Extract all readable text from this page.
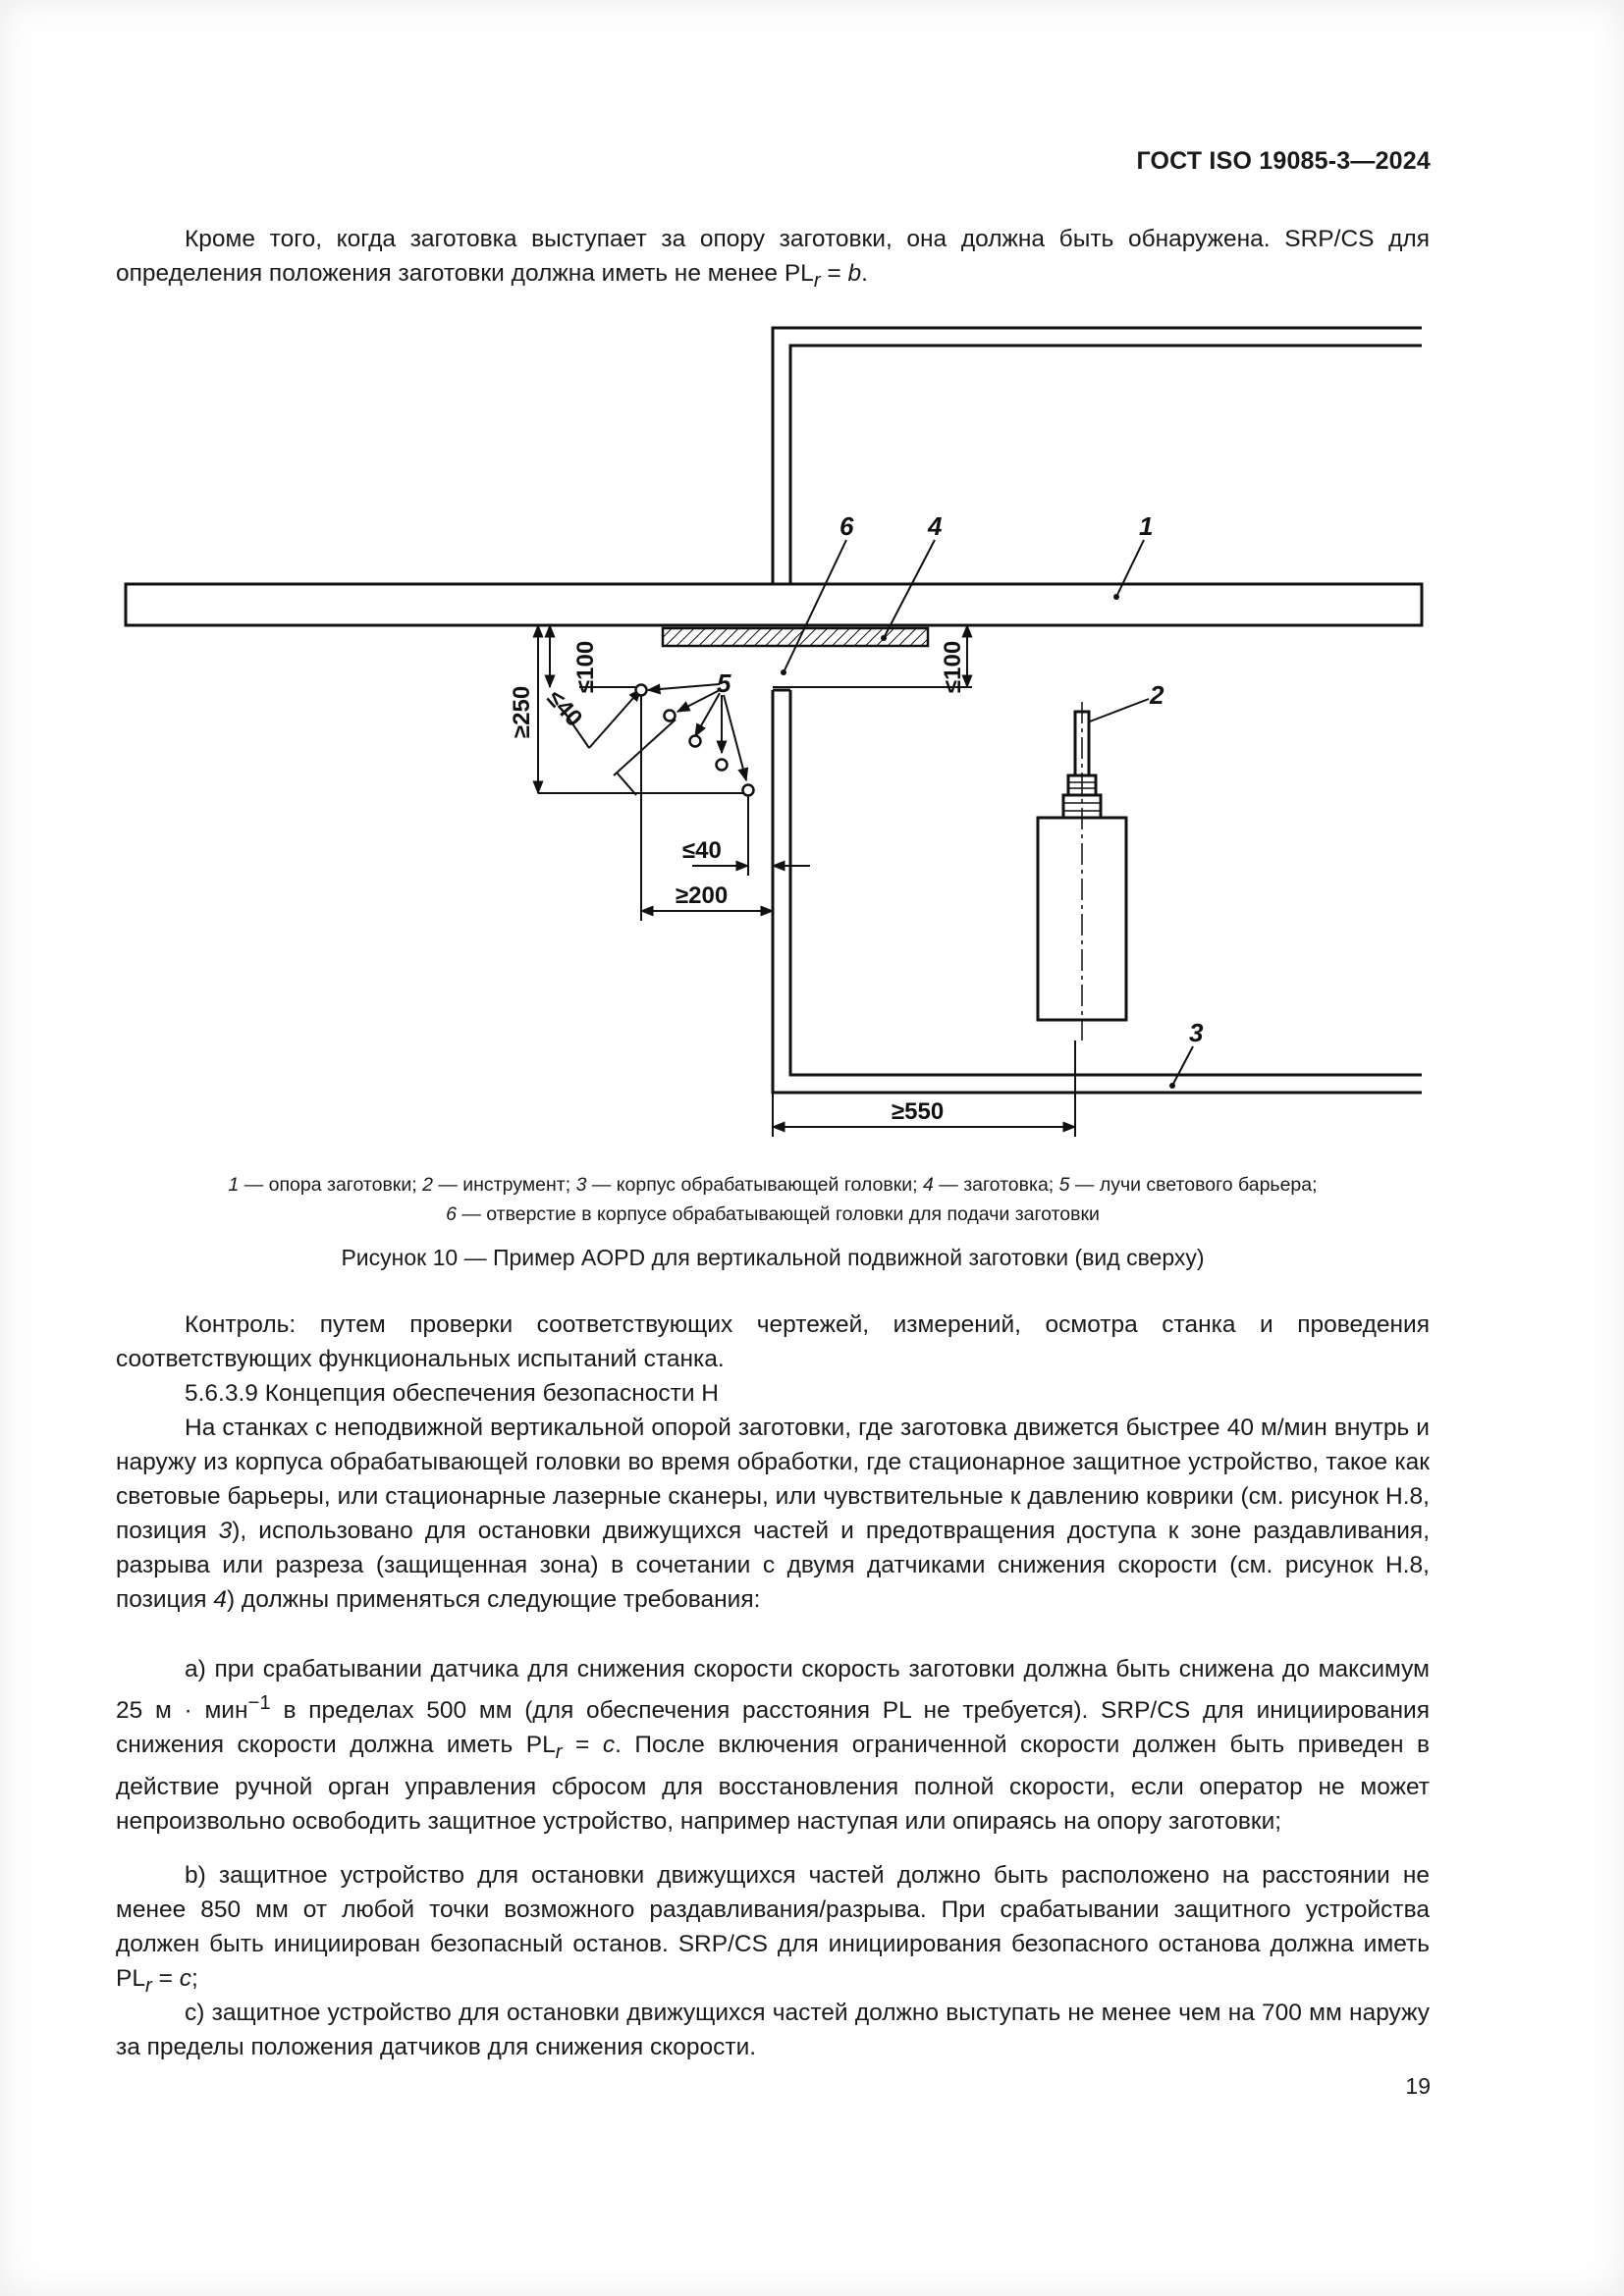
ГОСТ ISO 19085-3—2024
Кроме того, когда заготовка выступает за опору заготовки, она должна быть обнаружена. SRP/CS для определения положения заготовки должна иметь не менее $PL_r = b$.
6	4	1
2
5
3
≤100
≥250 ≤40
≤100
≤40
≥200
≥550
1 — опора заготовки; 2 — инструмент; 3 — корпус обрабатывающей головки; 4 — заготовка; 5 — лучи светового барьера;
6 — отверстие в корпусе обрабатывающей головки для подачи заготовки
Рисунок 10 — Пример AOPD для вертикальной подвижной заготовки (вид сверху)
Контроль: путем проверки соответствующих чертежей, измерений, осмотра станка и проведения соответствующих функциональных испытаний станка.
5.6.3.9 Концепция обеспечения безопасности H
На станках с неподвижной вертикальной опорой заготовки, где заготовка движется быстрее 40 м/мин внутрь и наружу из корпуса обрабатывающей головки во время обработки, где стационарное защитное устройство, такое как световые барьеры, или стационарные лазерные сканеры, или чувствительные к давлению коврики (см. рисунок H.8, позиция 3), использовано для остановки движущихся частей и предотвращения доступа к зоне раздавливания, разрыва или разреза (защищенная зона) в сочетании с двумя датчиками снижения скорости (см. рисунок H.8, позиция 4) должны применяться следующие требования:
a) при срабатывании датчика для снижения скорости скорость заготовки должна быть снижена до максимум 25 м · мин$^{-1}$ в пределах 500 мм (для обеспечения расстояния PL не требуется). SRP/CS для инициирования снижения скорости должна иметь $PL_r = c$. После включения ограниченной скорости должен быть приведен в действие ручной орган управления сбросом для восстановления полной скорости, если оператор не может непроизвольно освободить защитное устройство, например наступая или опираясь на опору заготовки;
b) защитное устройство для остановки движущихся частей должно быть расположено на расстоянии не менее 850 мм от любой точки возможного раздавливания/разрыва. При срабатывании защитного устройства должен быть инициирован безопасный останов. SRP/CS для инициирования безопасного останова должна иметь $PL_r = c$;
c) защитное устройство для остановки движущихся частей должно выступать не менее чем на 700 мм наружу за пределы положения датчиков для снижения скорости.
19
